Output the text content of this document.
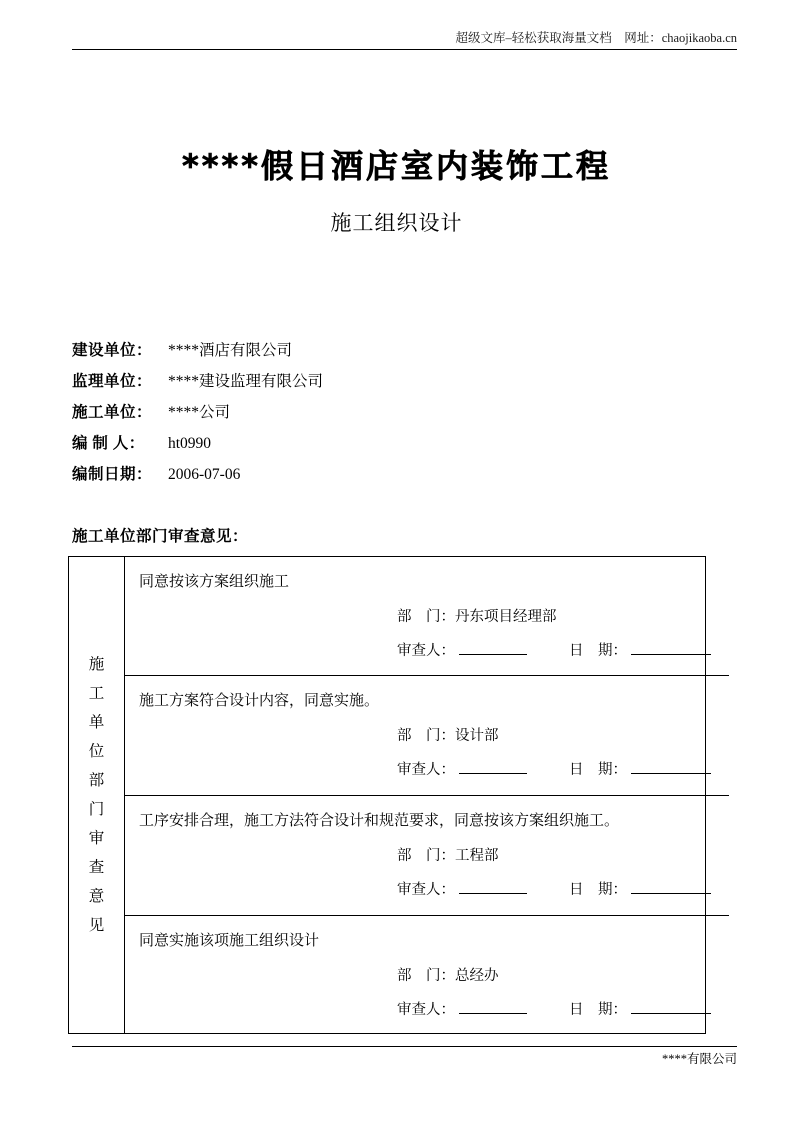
超级文库–轻松获取海量文档    网址：chaojikaoba.cn
****假日酒店室内装饰工程
施工组织设计
建设单位：	****酒店有限公司
监理单位：	****建设监理有限公司
施工单位：	****公司
编 制 人：	ht0990
编制日期：	2006-07-06
施工单位部门审查意见：
施
工
单
位
部
门
审
查
意
见
同意按该方案组织施工
部　门：丹东项目经理部
审查人：	日　期：
施工方案符合设计内容，同意实施。
部　门：设计部
审查人：	日　期：
工序安排合理，施工方法符合设计和规范要求，同意按该方案组织施工。
部　门：工程部
审查人：	日　期：
同意实施该项施工组织设计
部　门：总经办
审查人：	日　期：
****有限公司
